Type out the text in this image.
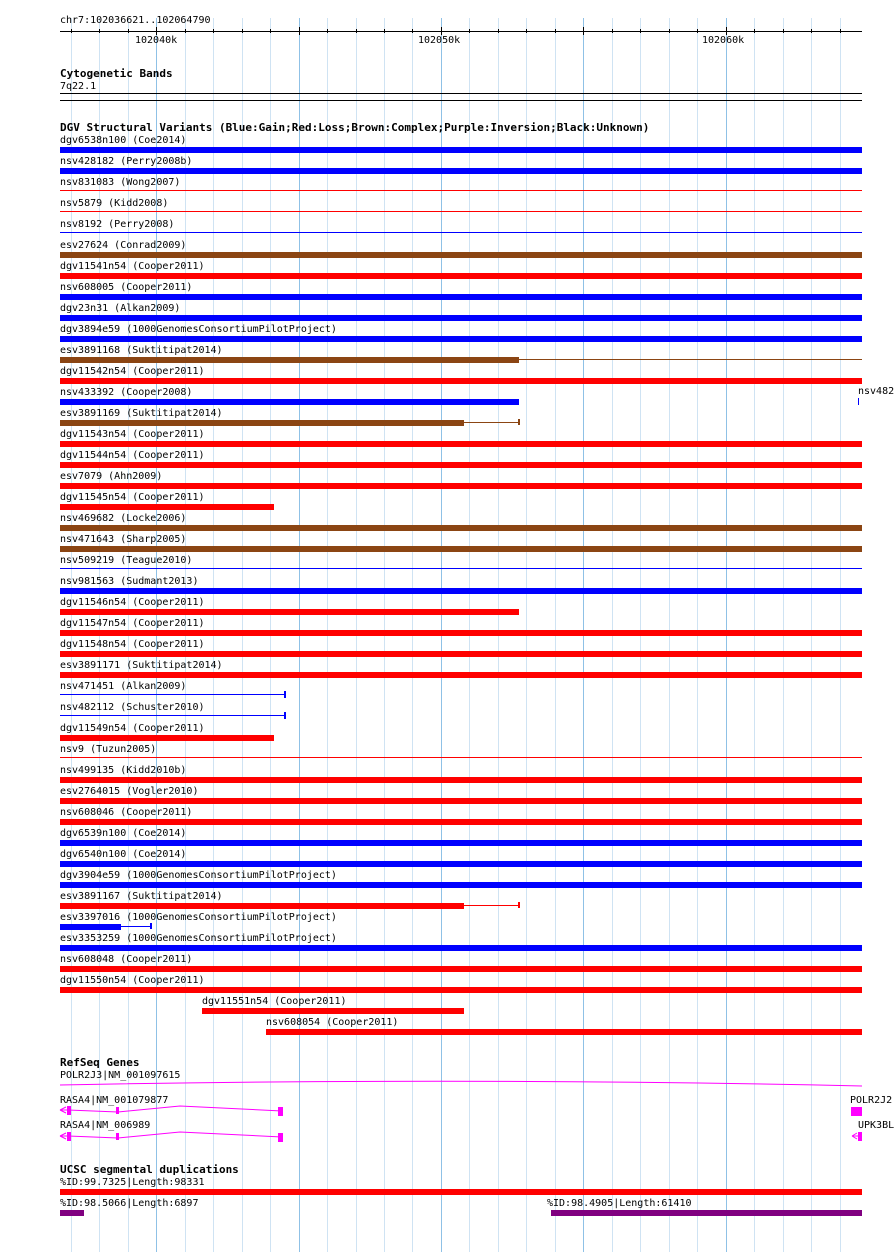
chr7:102036621..102064790
102040k	102050k	102060k
Cytogenetic Bands
7q22.1
DGV Structural Variants (Blue:Gain;Red:Loss;Brown:Complex;Purple:Inversion;Black:Unknown)
dgv6538n100 (Coe2014)
nsv428182 (Perry2008b)
nsv831083 (Wong2007)
nsv5879 (Kidd2008)
nsv8192 (Perry2008)
esv27624 (Conrad2009)
dgv11541n54 (Cooper2011)
nsv608005 (Cooper2011)
dgv23n31 (Alkan2009)
dgv3894e59 (1000GenomesConsortiumPilotProject)
esv3891168 (Suktitipat2014)
dgv11542n54 (Cooper2011)
nsv433392 (Cooper2008)
esv3891169 (Suktitipat2014)
dgv11543n54 (Cooper2011)
dgv11544n54 (Cooper2011)
esv7079 (Ahn2009)
dgv11545n54 (Cooper2011)
nsv469682 (Locke2006)
nsv471643 (Sharp2005)
nsv509219 (Teague2010)
nsv981563 (Sudmant2013)
dgv11546n54 (Cooper2011)
dgv11547n54 (Cooper2011)
dgv11548n54 (Cooper2011)
esv3891171 (Suktitipat2014)
nsv471451 (Alkan2009)
nsv482112 (Schuster2010)
dgv11549n54 (Cooper2011)
nsv9 (Tuzun2005)
nsv499135 (Kidd2010b)
esv2764015 (Vogler2010)
nsv608046 (Cooper2011)
dgv6539n100 (Coe2014)
dgv6540n100 (Coe2014)
dgv3904e59 (1000GenomesConsortiumPilotProject)
esv3891167 (Suktitipat2014)
esv3397016 (1000GenomesConsortiumPilotProject)
esv3353259 (1000GenomesConsortiumPilotProject)
nsv608048 (Cooper2011)
dgv11550n54 (Cooper2011)
dgv11551n54 (Cooper2011)
nsv608054 (Cooper2011)
nsv482
RefSeq Genes
POLR2J3|NM_001097615
RASA4|NM_001079877
RASA4|NM_006989
POLR2J2
UPK3BL
UCSC segmental duplications
%ID:99.7325|Length:98331
%ID:98.5066|Length:6897	%ID:98.4905|Length:61410
